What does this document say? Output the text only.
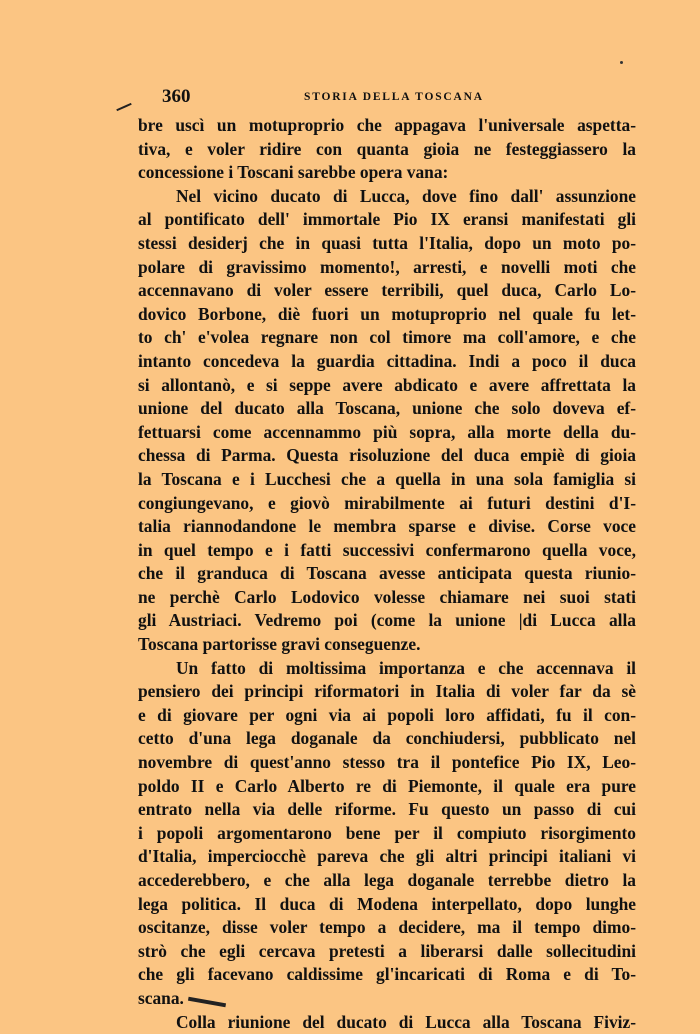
360	STORIA DELLA TOSCANA
bre uscì un motuproprio che appagava l'universale aspetta-
tiva, e voler ridire con quanta gioia ne festeggiassero la
concessione i Toscani sarebbe opera vana:
Nel vicino ducato di Lucca, dove fino dall' assunzione
al pontificato dell' immortale Pio IX eransi manifestati gli
stessi desiderj che in quasi tutta l'Italia, dopo un moto po-
polare di gravissimo momento!, arresti, e novelli moti che
accennavano di voler essere terribili, quel duca, Carlo Lo-
dovico Borbone, diè fuori un motuproprio nel quale fu let-
to ch' e'volea regnare non col timore ma coll'amore, e che
intanto concedeva la guardia cittadina. Indi a poco il duca
si allontanò, e si seppe avere abdicato e avere affrettata la
unione del ducato alla Toscana, unione che solo doveva ef-
fettuarsi come accennammo più sopra, alla morte della du-
chessa di Parma. Questa risoluzione del duca empiè di gioia
la Toscana e i Lucchesi che a quella in una sola famiglia si
congiungevano, e giovò mirabilmente ai futuri destini d'I-
talia riannodandone le membra sparse e divise. Corse voce
in quel tempo e i fatti successivi confermarono quella voce,
che il granduca di Toscana avesse anticipata questa riunio-
ne perchè Carlo Lodovico volesse chiamare nei suoi stati
gli Austriaci. Vedremo poi (come la unione |di Lucca alla
Toscana partorisse gravi conseguenze.
Un fatto di moltissima importanza e che accennava il
pensiero dei principi riformatori in Italia di voler far da sè
e di giovare per ogni via ai popoli loro affidati, fu il con-
cetto d'una lega doganale da conchiudersi, pubblicato nel
novembre di quest'anno stesso tra il pontefice Pio IX, Leo-
poldo II e Carlo Alberto re di Piemonte, il quale era pure
entrato nella via delle riforme. Fu questo un passo di cui
i popoli argomentarono bene per il compiuto risorgimento
d'Italia, imperciocchè pareva che gli altri principi italiani vi
accederebbero, e che alla lega doganale terrebbe dietro la
lega politica. Il duca di Modena interpellato, dopo lunghe
oscitanze, disse voler tempo a decidere, ma il tempo dimo-
strò che egli cercava pretesti a liberarsi dalle sollecitudini
che gli facevano caldissime gl'incaricati di Roma e di To-
scana.
Colla riunione del ducato di Lucca alla Toscana Fiviz-
